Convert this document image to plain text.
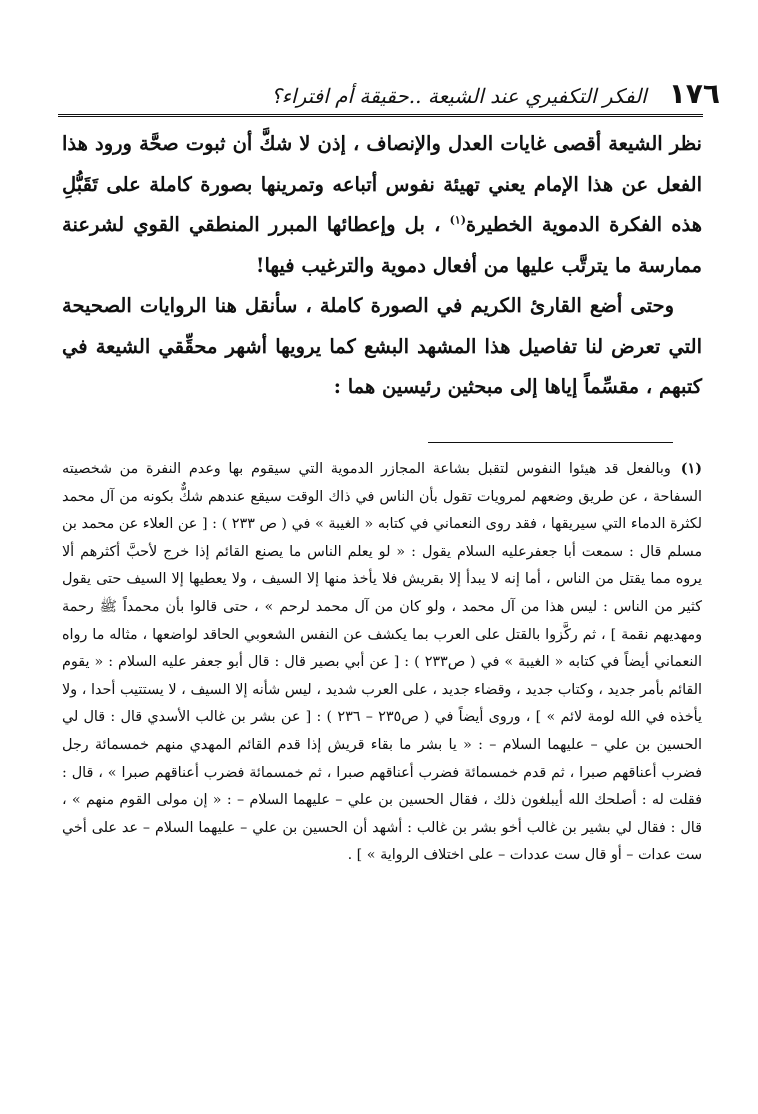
١٧٦
الفكر التكفيري عند الشيعة ..حقيقة أم افتراء؟

نظر الشيعة أقصى غايات العدل والإنصاف ، إذن لا شكَّ أن ثبوت صحَّة ورود هذا الفعل عن هذا الإمام يعني تهيئة نفوس أتباعه وتمرينها بصورة كاملة على تَقَبُّلِ هذه الفكرة الدموية الخطيرة$^{(١)}$ ، بل وإعطائها المبرر المنطقي القوي لشرعنة ممارسة ما يترتَّب عليها من أفعال دموية والترغيب فيها!

وحتى أضع القارئ الكريم في الصورة كاملة ، سأنقل هنا الروايات الصحيحة التي تعرض لنا تفاصيل هذا المشهد البشع كما يرويها أشهر محقِّقي الشيعة في كتبهم ، مقسِّماً إياها إلى مبحثين رئيسين هما :

(١)وبالفعل قد هيئوا النفوس لتقبل بشاعة المجازر الدموية التي سيقوم بها وعدم النفرة من شخصيته السفاحة ، عن طريق وضعهم لمرويات تقول بأن الناس في ذاك الوقت سيقع عندهم شكٌّ بكونه من آل محمد لكثرة الدماء التي سيريقها ، فقد روى النعماني في كتابه « الغيبة » في ( ص ٢٣٣ ) : [ عن العلاء عن محمد بن مسلم قال : سمعت أبا جعفرعليه السلام يقول : « لو يعلم الناس ما يصنع القائم إذا خرج لأحبَّ أكثرهم ألا يروه مما يقتل من الناس ، أما إنه لا يبدأ إلا بقريش فلا يأخذ منها إلا السيف ، ولا يعطيها إلا السيف حتى يقول كثير من الناس : ليس هذا من آل محمد ، ولو كان من آل محمد لرحم » ، حتى قالوا بأن محمداً ﷺ رحمة ومهديهم نقمة ] ، ثم ركَّزوا بالقتل على العرب بما يكشف عن النفس الشعوبي الحاقد لواضعها ، مثاله ما رواه النعماني أيضاً في كتابه « الغيبة » في ( ص٢٣٣ ) : [ عن أبي بصير قال : قال أبو جعفر عليه السلام : « يقوم القائم بأمر جديد ، وكتاب جديد ، وقضاء جديد ، على العرب شديد ، ليس شأنه إلا السيف ، لا يستتيب أحدا ، ولا يأخذه في الله لومة لائم » ] ، وروى أيضاً في ( ص٢٣٥ – ٢٣٦ ) : [ عن بشر بن غالب الأسدي قال : قال لي الحسين بن علي – عليهما السلام – : « يا بشر ما بقاء قريش إذا قدم القائم المهدي منهم خمسمائة رجل فضرب أعناقهم صبرا ، ثم قدم خمسمائة فضرب أعناقهم صبرا ، ثم خمسمائة فضرب أعناقهم صبرا » ، قال : فقلت له : أصلحك الله أيبلغون ذلك ، فقال الحسين بن علي – عليهما السلام – : « إن مولى القوم منهم » ، قال : فقال لي بشير بن غالب أخو بشر بن غالب : أشهد أن الحسين بن علي – عليهما السلام – عد على أخي ست عدات – أو قال ست عددات – على اختلاف الرواية » ] .
